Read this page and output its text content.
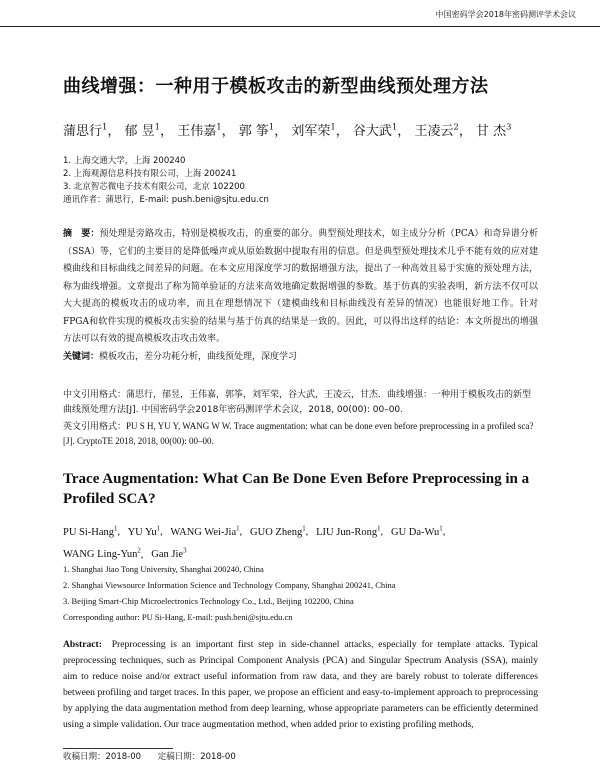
中国密码学会2018年密码测评学术会议
曲线增强：一种用于模板攻击的新型曲线预处理方法
蒲思行$^1$， 郁 昱$^1$， 王伟嘉$^1$， 郭 筝$^1$， 刘军荣$^1$， 谷大武$^1$， 王凌云$^2$， 甘 杰$^3$
1. 上海交通大学，上海 200240
2. 上海观源信息科技有限公司，上海 200241
3. 北京智芯微电子技术有限公司，北京 102200
通讯作者：蒲思行，E-mail: push.beni@sjtu.edu.cn
摘　要：预处理是旁路攻击，特别是模板攻击，的重要的部分。典型预处理技术，如主成分分析（PCA）和奇异谱分析（SSA）等，它们的主要目的是降低噪声或从原始数据中提取有用的信息。但是典型预处理技术几乎不能有效的应对建模曲线和目标曲线之间差异的问题。在本文应用深度学习的数据增强方法，提出了一种高效且易于实施的预处理方法，称为曲线增强。文章提出了称为简单验证的方法来高效地确定数据增强的参数。基于仿真的实验表明，新方法不仅可以大大提高的模板攻击的成功率，而且在理想情况下（建模曲线和目标曲线没有差异的情况）也能很好地工作。针对FPGA和软件实现的模板攻击实验的结果与基于仿真的结果是一致的。因此，可以得出这样的结论：本文所提出的增强方法可以有效的提高模板攻击攻击效率。
关键词：模板攻击，差分功耗分析，曲线预处理，深度学习
中文引用格式：蒲思行，郁昱，王伟嘉，郭筝，刘军荣，谷大武，王凌云，甘杰．曲线增强：一种用于模板攻击的新型曲线预处理方法[J]. 中国密码学会2018年密码测评学术会议，2018, 00(00): 00–00.
英文引用格式：PU S H, YU Y, WANG W W. Trace augmentation: what can be done even before preprocessing in a profiled sca?[J]. CryptoTE 2018, 2018, 00(00): 00–00.
Trace Augmentation: What Can Be Done Even Before Preprocessing in a Profiled SCA?
PU Si-Hang$^1$,   YU Yu$^1$,   WANG Wei-Jia$^1$,   GUO Zheng$^1$,   LIU Jun-Rong$^1$,   GU Da-Wu$^1$,
WANG Ling-Yun$^2$,   Gan Jie$^3$
1. Shanghai Jiao Tong University, Shanghai 200240, China
2. Shanghai Viewsource Information Science and Technology Company, Shanghai 200241, China
3. Beijing Smart-Chip Microelectronics Technology Co., Ltd., Beijing 102200, China
Corresponding author: PU Si-Hang, E-mail: push.beni@sjtu.edu.cn
Abstract: Preprocessing is an important first step in side-channel attacks, especially for template attacks. Typical preprocessing techniques, such as Principal Component Analysis (PCA) and Singular Spectrum Analysis (SSA), mainly aim to reduce noise and/or extract useful information from raw data, and they are barely robust to tolerate differences between profiling and target traces. In this paper, we propose an efficient and easy-to-implement approach to preprocessing by applying the data augmentation method from deep learning, whose appropriate parameters can be efficiently determined using a simple validation. Our trace augmentation method, when added prior to existing profiling methods,
收稿日期：2018-00 定稿日期：2018-00
